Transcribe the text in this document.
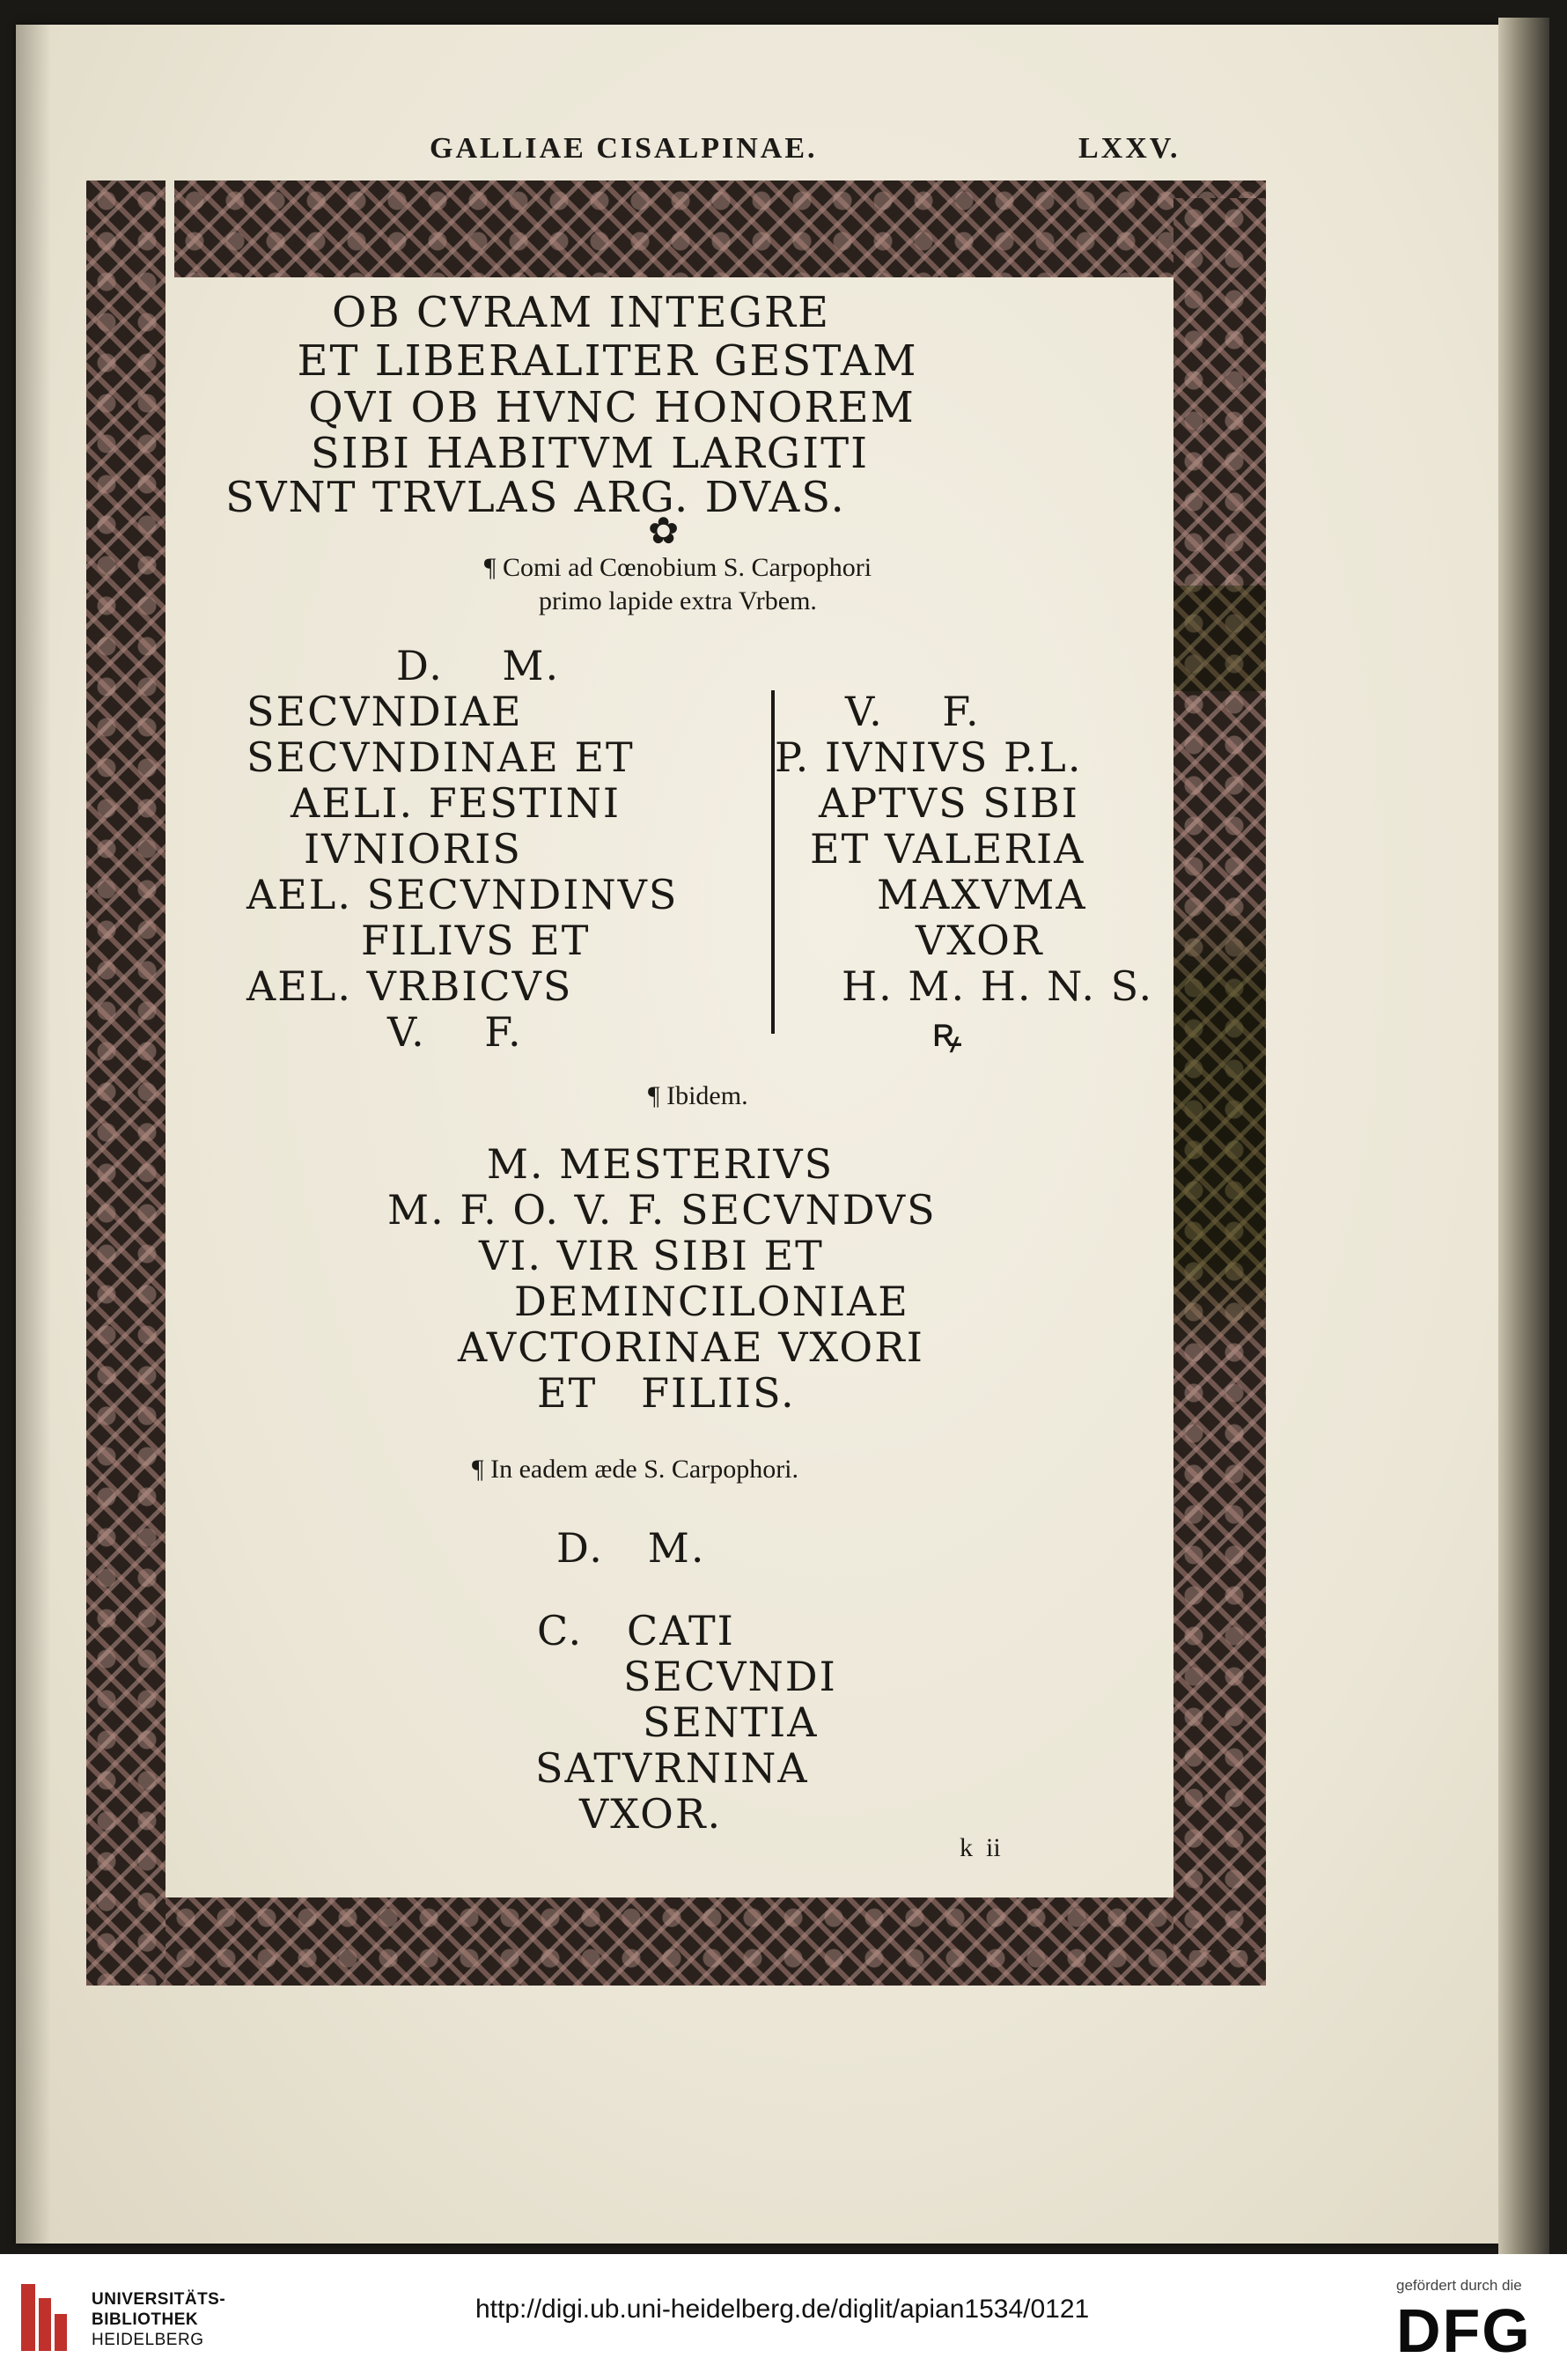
GALLIAE CISALPINAE.	LXXV.
OB CVRAM INTEGRE
ET LIBERALITER GESTAM
QVI OB HVNC HONOREM
SIBI HABITVM LARGITI
SVNT TRVLAS ARG. DVAS.
✿
¶ Comi ad Cœnobium S. Carpophori
primo lapide extra Vrbem.
D.    M.
SECVNDIAE
SECVNDINAE ET
AELI. FESTINI
IVNIORIS
AEL. SECVNDINVS
FILIVS ET
AEL. VRBICVS
V.    F.
V.    F.
P. IVNIVS P.L.
APTVS SIBI
ET VALERIA
MAXVMA
VXOR
H. M. H. N. S.
ꝶ
¶ Ibidem.
M. MESTERIVS
M. F. O. V. F. SECVNDVS
VI. VIR SIBI ET
DEMINCILONIAE
AVCTORINAE VXORI
ET   FILIIS.
¶ In eadem æde S. Carpophori.
D.   M.
C.   CATI
SECVNDI
SENTIA
SATVRNINA
VXOR.
k  ii
UNIVERSITÄTS-
BIBLIOTHEK
HEIDELBERG
http://digi.ub.uni-heidelberg.de/diglit/apian1534/0121
gefördert durch die
DFG
